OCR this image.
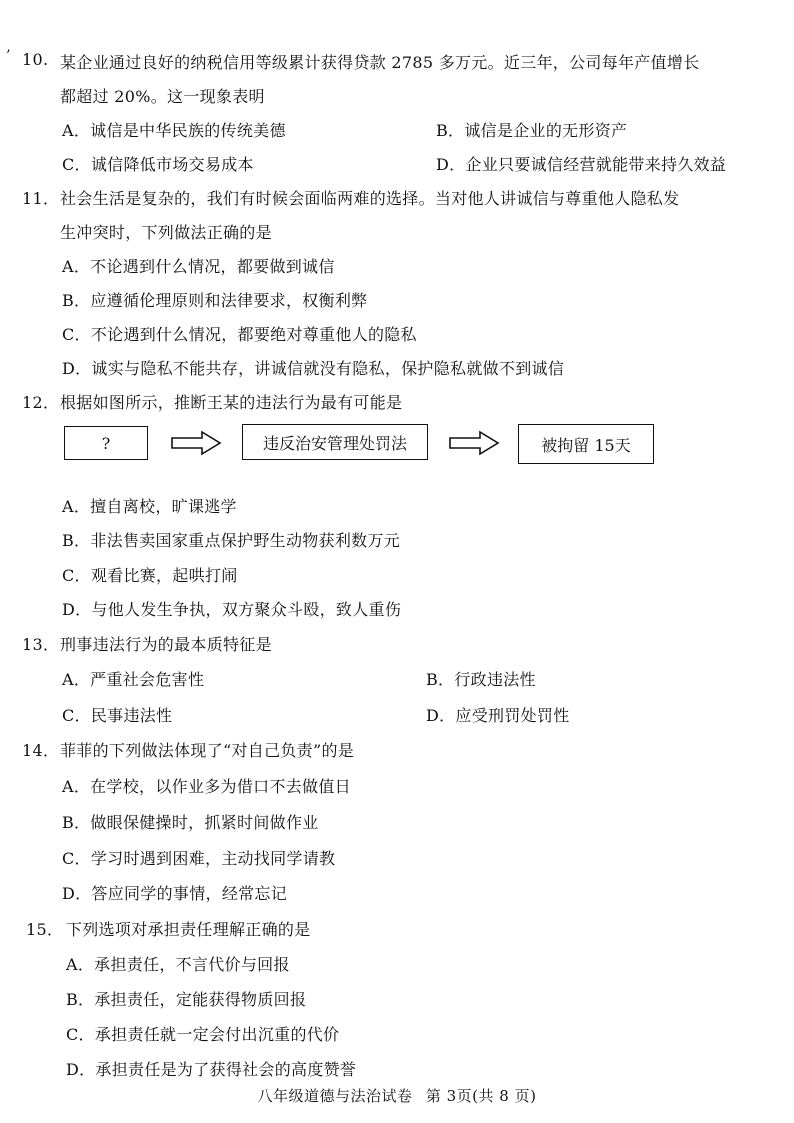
’ 10. 某企业通过良好的纳税信用等级累计获得贷款 2785 多万元。近三年，公司每年产值增长
都超过 20%。这一现象表明
A．诚信是中华民族的传统美德	B．诚信是企业的无形资产
C．诚信降低市场交易成本	D．企业只要诚信经营就能带来持久效益
11． 社会生活是复杂的，我们有时候会面临两难的选择。当对他人讲诚信与尊重他人隐私发
生冲突时，下列做法正确的是
A．不论遇到什么情况，都要做到诚信
B．应遵循伦理原则和法律要求，权衡利弊
C．不论遇到什么情况，都要绝对尊重他人的隐私
D．诚实与隐私不能共存，讲诚信就没有隐私，保护隐私就做不到诚信
12． 根据如图所示，推断王某的违法行为最有可能是
?	违反治安管理处罚法	被拘留 15天
A．擅自离校，旷课逃学
B．非法售卖国家重点保护野生动物获利数万元
C．观看比赛，起哄打闹
D．与他人发生争执，双方聚众斗殴，致人重伤
13． 刑事违法行为的最本质特征是
A．严重社会危害性	B．行政违法性
C．民事违法性	D．应受刑罚处罚性
14． 菲菲的下列做法体现了“对自己负责”的是
A．在学校，以作业多为借口不去做值日
B．做眼保健操时，抓紧时间做作业
C．学习时遇到困难，主动找同学请教
D．答应同学的事情，经常忘记
15． 下列选项对承担责任理解正确的是
A．承担责任，不言代价与回报
B．承担责任，定能获得物质回报
C．承担责任就一定会付出沉重的代价
D．承担责任是为了获得社会的高度赞誉
八年级道德与法治试卷 第 3页(共 8 页)
